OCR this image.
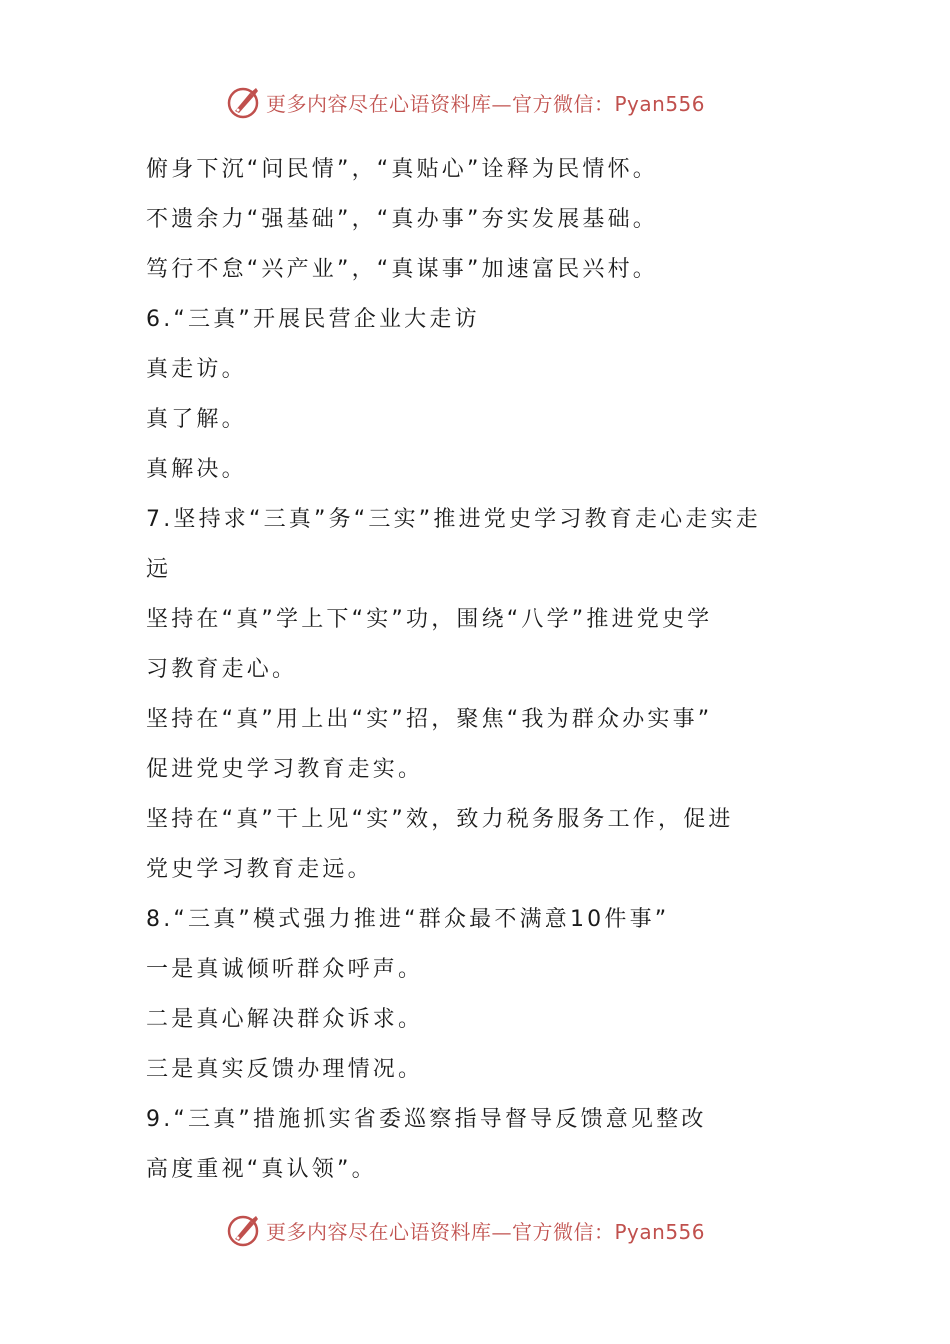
更多内容尽在心语资料库—官方微信：Pyan556
俯身下沉“问民情”，“真贴心”诠释为民情怀。
不遗余力“强基础”，“真办事”夯实发展基础。
笃行不怠“兴产业”，“真谋事”加速富民兴村。
6.“三真”开展民营企业大走访
真走访。
真了解。
真解决。
7.坚持求“三真”务“三实”推进党史学习教育走心走实走
远
坚持在“真”学上下“实”功，围绕“八学”推进党史学
习教育走心。
坚持在“真”用上出“实”招，聚焦“我为群众办实事”
促进党史学习教育走实。
坚持在“真”干上见“实”效，致力税务服务工作，促进
党史学习教育走远。
8.“三真”模式强力推进“群众最不满意10件事”
一是真诚倾听群众呼声。
二是真心解决群众诉求。
三是真实反馈办理情况。
9.“三真”措施抓实省委巡察指导督导反馈意见整改
高度重视“真认领”。
更多内容尽在心语资料库—官方微信：Pyan556
